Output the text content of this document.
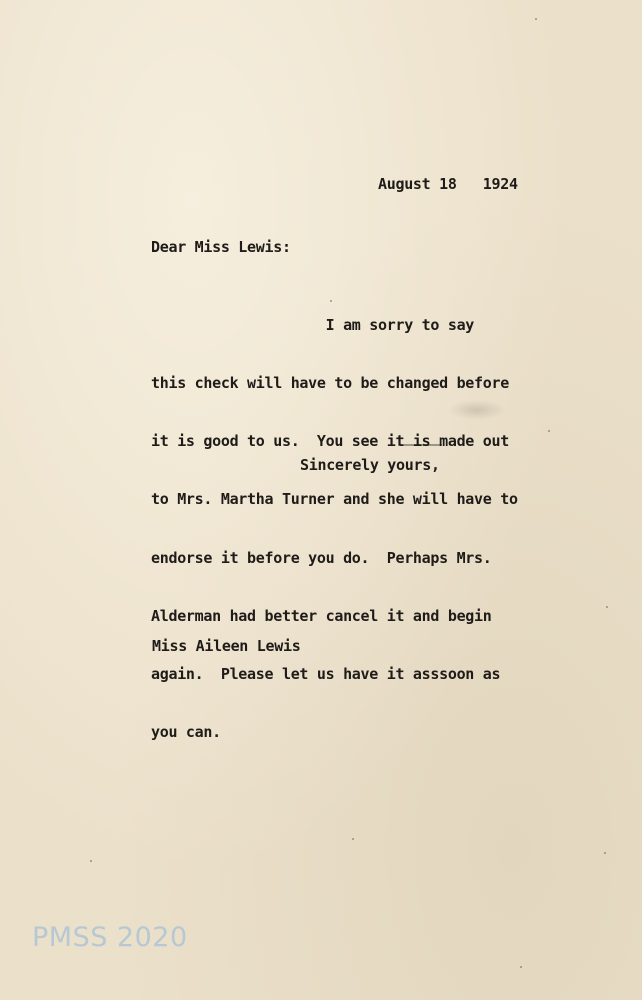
August 18   1924
Dear Miss Lewis:

I am sorry to say

this check will have to be changed before

it is good to us.  You see it is made out

to Mrs. Martha Turner and she will have to

endorse it before you do.  Perhaps Mrs.

Alderman had better cancel it and begin

again.  Please let us have it asssoon as

you can.

Sincerely yours,
Miss Aileen Lewis
PMSS 2020
